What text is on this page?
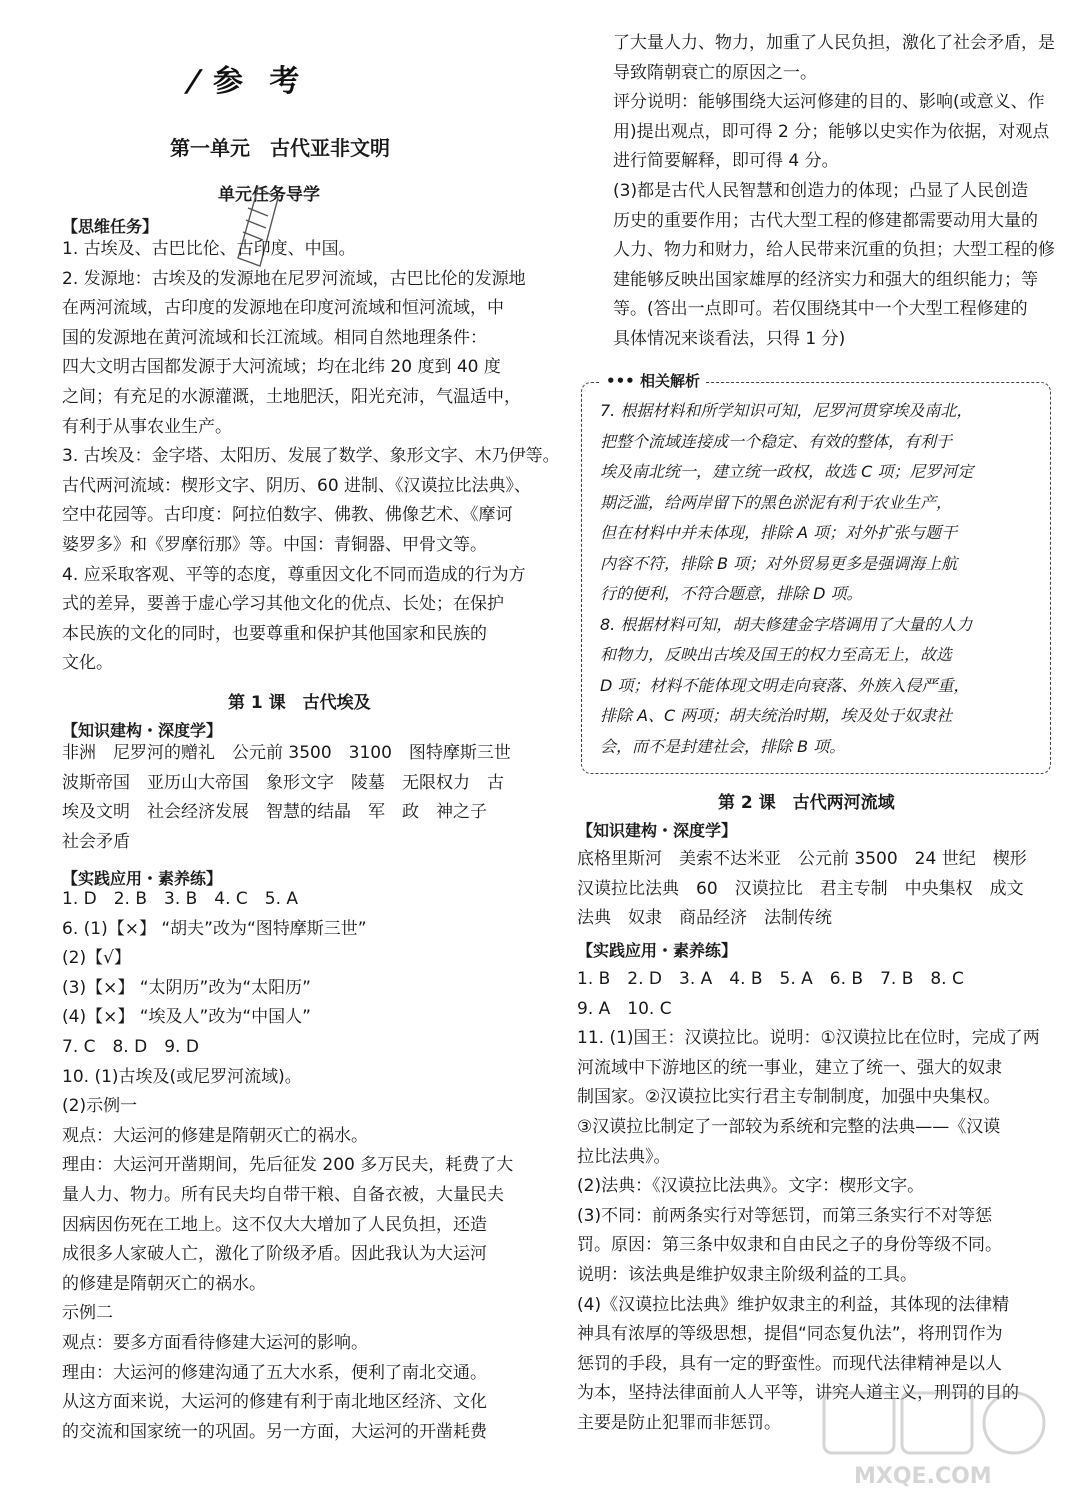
/参 考
第一单元　古代亚非文明
单元任务导学
【思维任务】
1. 古埃及、古巴比伦、古印度、中国。
2. 发源地：古埃及的发源地在尼罗河流域，古巴比伦的发源地
在两河流域，古印度的发源地在印度河流域和恒河流域，中
国的发源地在黄河流域和长江流域。相同自然地理条件：
四大文明古国都发源于大河流域；均在北纬 20 度到 40 度
之间；有充足的水源灌溉，土地肥沃，阳光充沛，气温适中，
有利于从事农业生产。
3. 古埃及：金字塔、太阳历、发展了数学、象形文字、木乃伊等。
古代两河流域：楔形文字、阴历、60 进制、《汉谟拉比法典》、
空中花园等。古印度：阿拉伯数字、佛教、佛像艺术、《摩诃
婆罗多》和《罗摩衍那》等。中国：青铜器、甲骨文等。
4. 应采取客观、平等的态度，尊重因文化不同而造成的行为方
式的差异，要善于虚心学习其他文化的优点、长处；在保护
本民族的文化的同时，也要尊重和保护其他国家和民族的
文化。
第 1 课　古代埃及
【知识建构・深度学】
非洲　尼罗河的赠礼　公元前 3500　3100　图特摩斯三世
波斯帝国　亚历山大帝国　象形文字　陵墓　无限权力　古
埃及文明　社会经济发展　智慧的结晶　军　政　神之子
社会矛盾
【实践应用・素养练】
1. D　2. B　3. B　4. C　5. A
6. (1)【×】 “胡夫”改为“图特摩斯三世”
(2)【√】
(3)【×】 “太阴历”改为“太阳历”
(4)【×】 “埃及人”改为“中国人”
7. C　8. D　9. D
10. (1)古埃及(或尼罗河流域)。
(2)示例一
观点：大运河的修建是隋朝灭亡的祸水。
理由：大运河开凿期间，先后征发 200 多万民夫，耗费了大
量人力、物力。所有民夫均自带干粮、自备衣被，大量民夫
因病因伤死在工地上。这不仅大大增加了人民负担，还造
成很多人家破人亡，激化了阶级矛盾。因此我认为大运河
的修建是隋朝灭亡的祸水。
示例二
观点：要多方面看待修建大运河的影响。
理由：大运河的修建沟通了五大水系，便利了南北交通。
从这方面来说，大运河的修建有利于南北地区经济、文化
的交流和国家统一的巩固。另一方面，大运河的开凿耗费
了大量人力、物力，加重了人民负担，激化了社会矛盾，是
导致隋朝衰亡的原因之一。
评分说明：能够围绕大运河修建的目的、影响(或意义、作
用)提出观点，即可得 2 分；能够以史实作为依据，对观点
进行简要解释，即可得 4 分。
(3)都是古代人民智慧和创造力的体现；凸显了人民创造
历史的重要作用；古代大型工程的修建都需要动用大量的
人力、物力和财力，给人民带来沉重的负担；大型工程的修
建能够反映出国家雄厚的经济实力和强大的组织能力；等
等。(答出一点即可。若仅围绕其中一个大型工程修建的
具体情况来谈看法，只得 1 分)
••• 相关解析
7. 根据材料和所学知识可知，尼罗河贯穿埃及南北，
把整个流域连接成一个稳定、有效的整体，有利于
埃及南北统一，建立统一政权，故选 C 项；尼罗河定
期泛滥，给两岸留下的黑色淤泥有利于农业生产，
但在材料中并未体现，排除 A 项；对外扩张与题干
内容不符，排除 B 项；对外贸易更多是强调海上航
行的便利，不符合题意，排除 D 项。
8. 根据材料可知，胡夫修建金字塔调用了大量的人力
和物力，反映出古埃及国王的权力至高无上，故选
D 项；材料不能体现文明走向衰落、外族入侵严重，
排除 A、C 两项；胡夫统治时期，埃及处于奴隶社
会，而不是封建社会，排除 B 项。
第 2 课　古代两河流域
【知识建构・深度学】
底格里斯河　美索不达米亚　公元前 3500　24 世纪　楔形
汉谟拉比法典　60　汉谟拉比　君主专制　中央集权　成文
法典　奴隶　商品经济　法制传统
【实践应用・素养练】
1. B　2. D　3. A　4. B　5. A　6. B　7. B　8. C
9. A　10. C
11. (1)国王：汉谟拉比。说明：①汉谟拉比在位时，完成了两
河流域中下游地区的统一事业，建立了统一、强大的奴隶
制国家。②汉谟拉比实行君主专制制度，加强中央集权。
③汉谟拉比制定了一部较为系统和完整的法典——《汉谟
拉比法典》。
(2)法典：《汉谟拉比法典》。文字：楔形文字。
(3)不同：前两条实行对等惩罚，而第三条实行不对等惩
罚。原因：第三条中奴隶和自由民之子的身份等级不同。
说明：该法典是维护奴隶主阶级利益的工具。
(4)《汉谟拉比法典》维护奴隶主的利益，其体现的法律精
神具有浓厚的等级思想，提倡“同态复仇法”，将刑罚作为
惩罚的手段，具有一定的野蛮性。而现代法律精神是以人
为本，坚持法律面前人人平等，讲究人道主义，刑罚的目的
主要是防止犯罪而非惩罚。
MXQE.COM
